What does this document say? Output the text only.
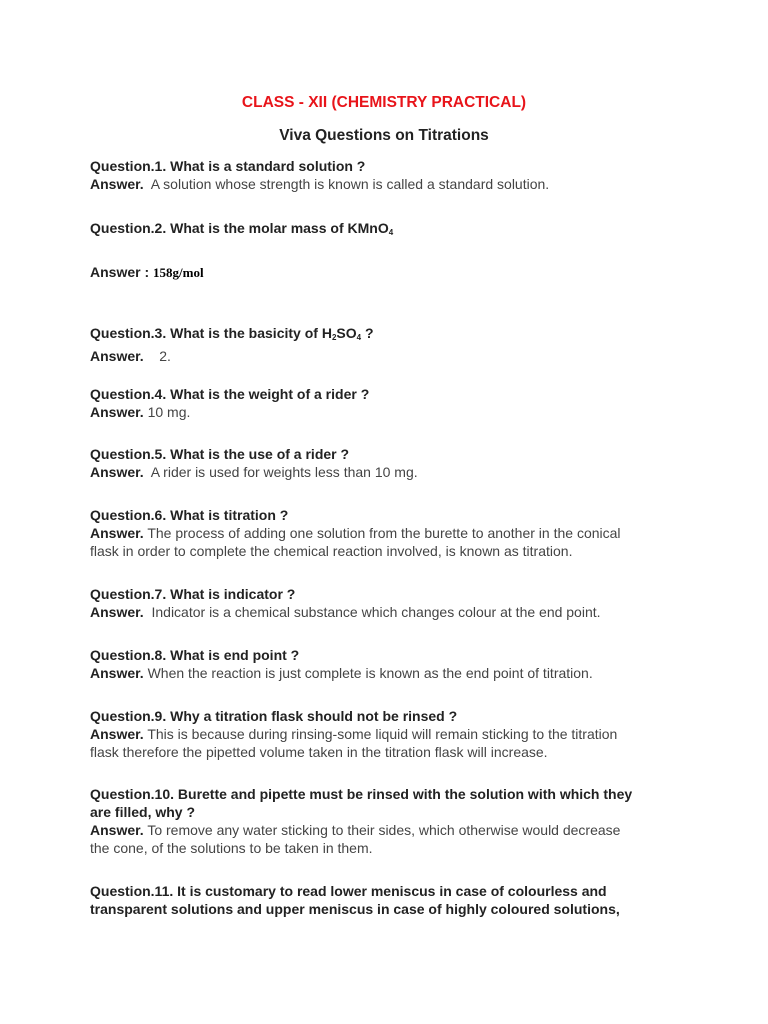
CLASS - XII (CHEMISTRY PRACTICAL)
Viva Questions on Titrations
Question.1. What is a standard solution ?
Answer. A solution whose strength is known is called a standard solution.
Question.2. What is the molar mass of KMnO$_4$
Answer : 158g/mol
Question.3. What is the basicity of $H_2SO_4$ ?
Answer. 2.
Question.4. What is the weight of a rider ?
Answer. 10 mg.
Question.5. What is the use of a rider ?
Answer. A rider is used for weights less than 10 mg.
Question.6. What is titration ?
Answer. The process of adding one solution from the burette to another in the conical
flask in order to complete the chemical reaction involved, is known as titration.
Question.7. What is indicator ?
Answer. Indicator is a chemical substance which changes colour at the end point.
Question.8. What is end point ?
Answer. When the reaction is just complete is known as the end point of titration.
Question.9. Why a titration flask should not be rinsed ?
Answer. This is because during rinsing-some liquid will remain sticking to the titration
flask therefore the pipetted volume taken in the titration flask will increase.
Question.10. Burette and pipette must be rinsed with the solution with which they
are filled, why ?
Answer. To remove any water sticking to their sides, which otherwise would decrease
the cone, of the solutions to be taken in them.
Question.11. It is customary to read lower meniscus in case of colourless and
transparent solutions and upper meniscus in case of highly coloured solutions,
